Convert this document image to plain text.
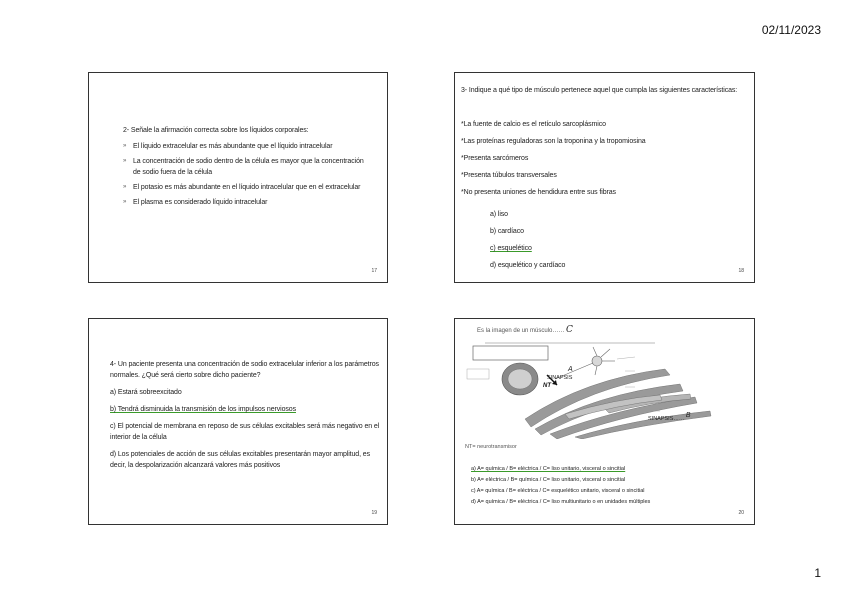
02/11/2023
2- Señale la afirmación correcta sobre los líquidos corporales:
» El líquido extracelular es más abundante que el líquido intracelular
» La concentración de sodio dentro de la célula es mayor que la concentración de sodio fuera de la célula
» El potasio es más abundante en el líquido intracelular que en el extracelular
» El plasma es considerado líquido intracelular
17
3- Indique a qué tipo de músculo pertenece aquel que cumpla las siguientes características:
*La fuente de calcio es el retículo sarcoplásmico
*Las proteínas reguladoras son la troponina y la tropomiosina
*Presenta sarcómeros
*Presenta túbulos transversales
*No presenta uniones de hendidura entre sus fibras
a) liso
b) cardíaco
c) esquelético
d) esquelético y cardíaco
18

4- Un paciente presenta una concentración de sodio extracelular inferior a los parámetros normales. ¿Qué será cierto sobre dicho paciente?

a) Estará sobreexcitado

b) Tendrá disminuida la transmisión de los impulsos nerviosos

c) El potencial de membrana en reposo de sus células excitables será más negativo en el interior de la célula

d) Los potenciales de acción de sus células excitables presentarán mayor amplitud, es decir, la despolarización alcanzará valores más positivos

19
Es la imagen de un músculo…… C
SINAPSIS
A
NT
SINAPSIS…… B
NT= neurotransmisor
a) A= química / B= eléctrica / C= liso unitario, visceral o sincitial
b) A= eléctrica / B= química / C= liso unitario, visceral o sincitial
c) A= química / B= eléctrica / C= esquelético unitario, visceral o sincitial
d) A= química / B= eléctrica / C= liso multiunitario o en unidades múltiples
20
1
